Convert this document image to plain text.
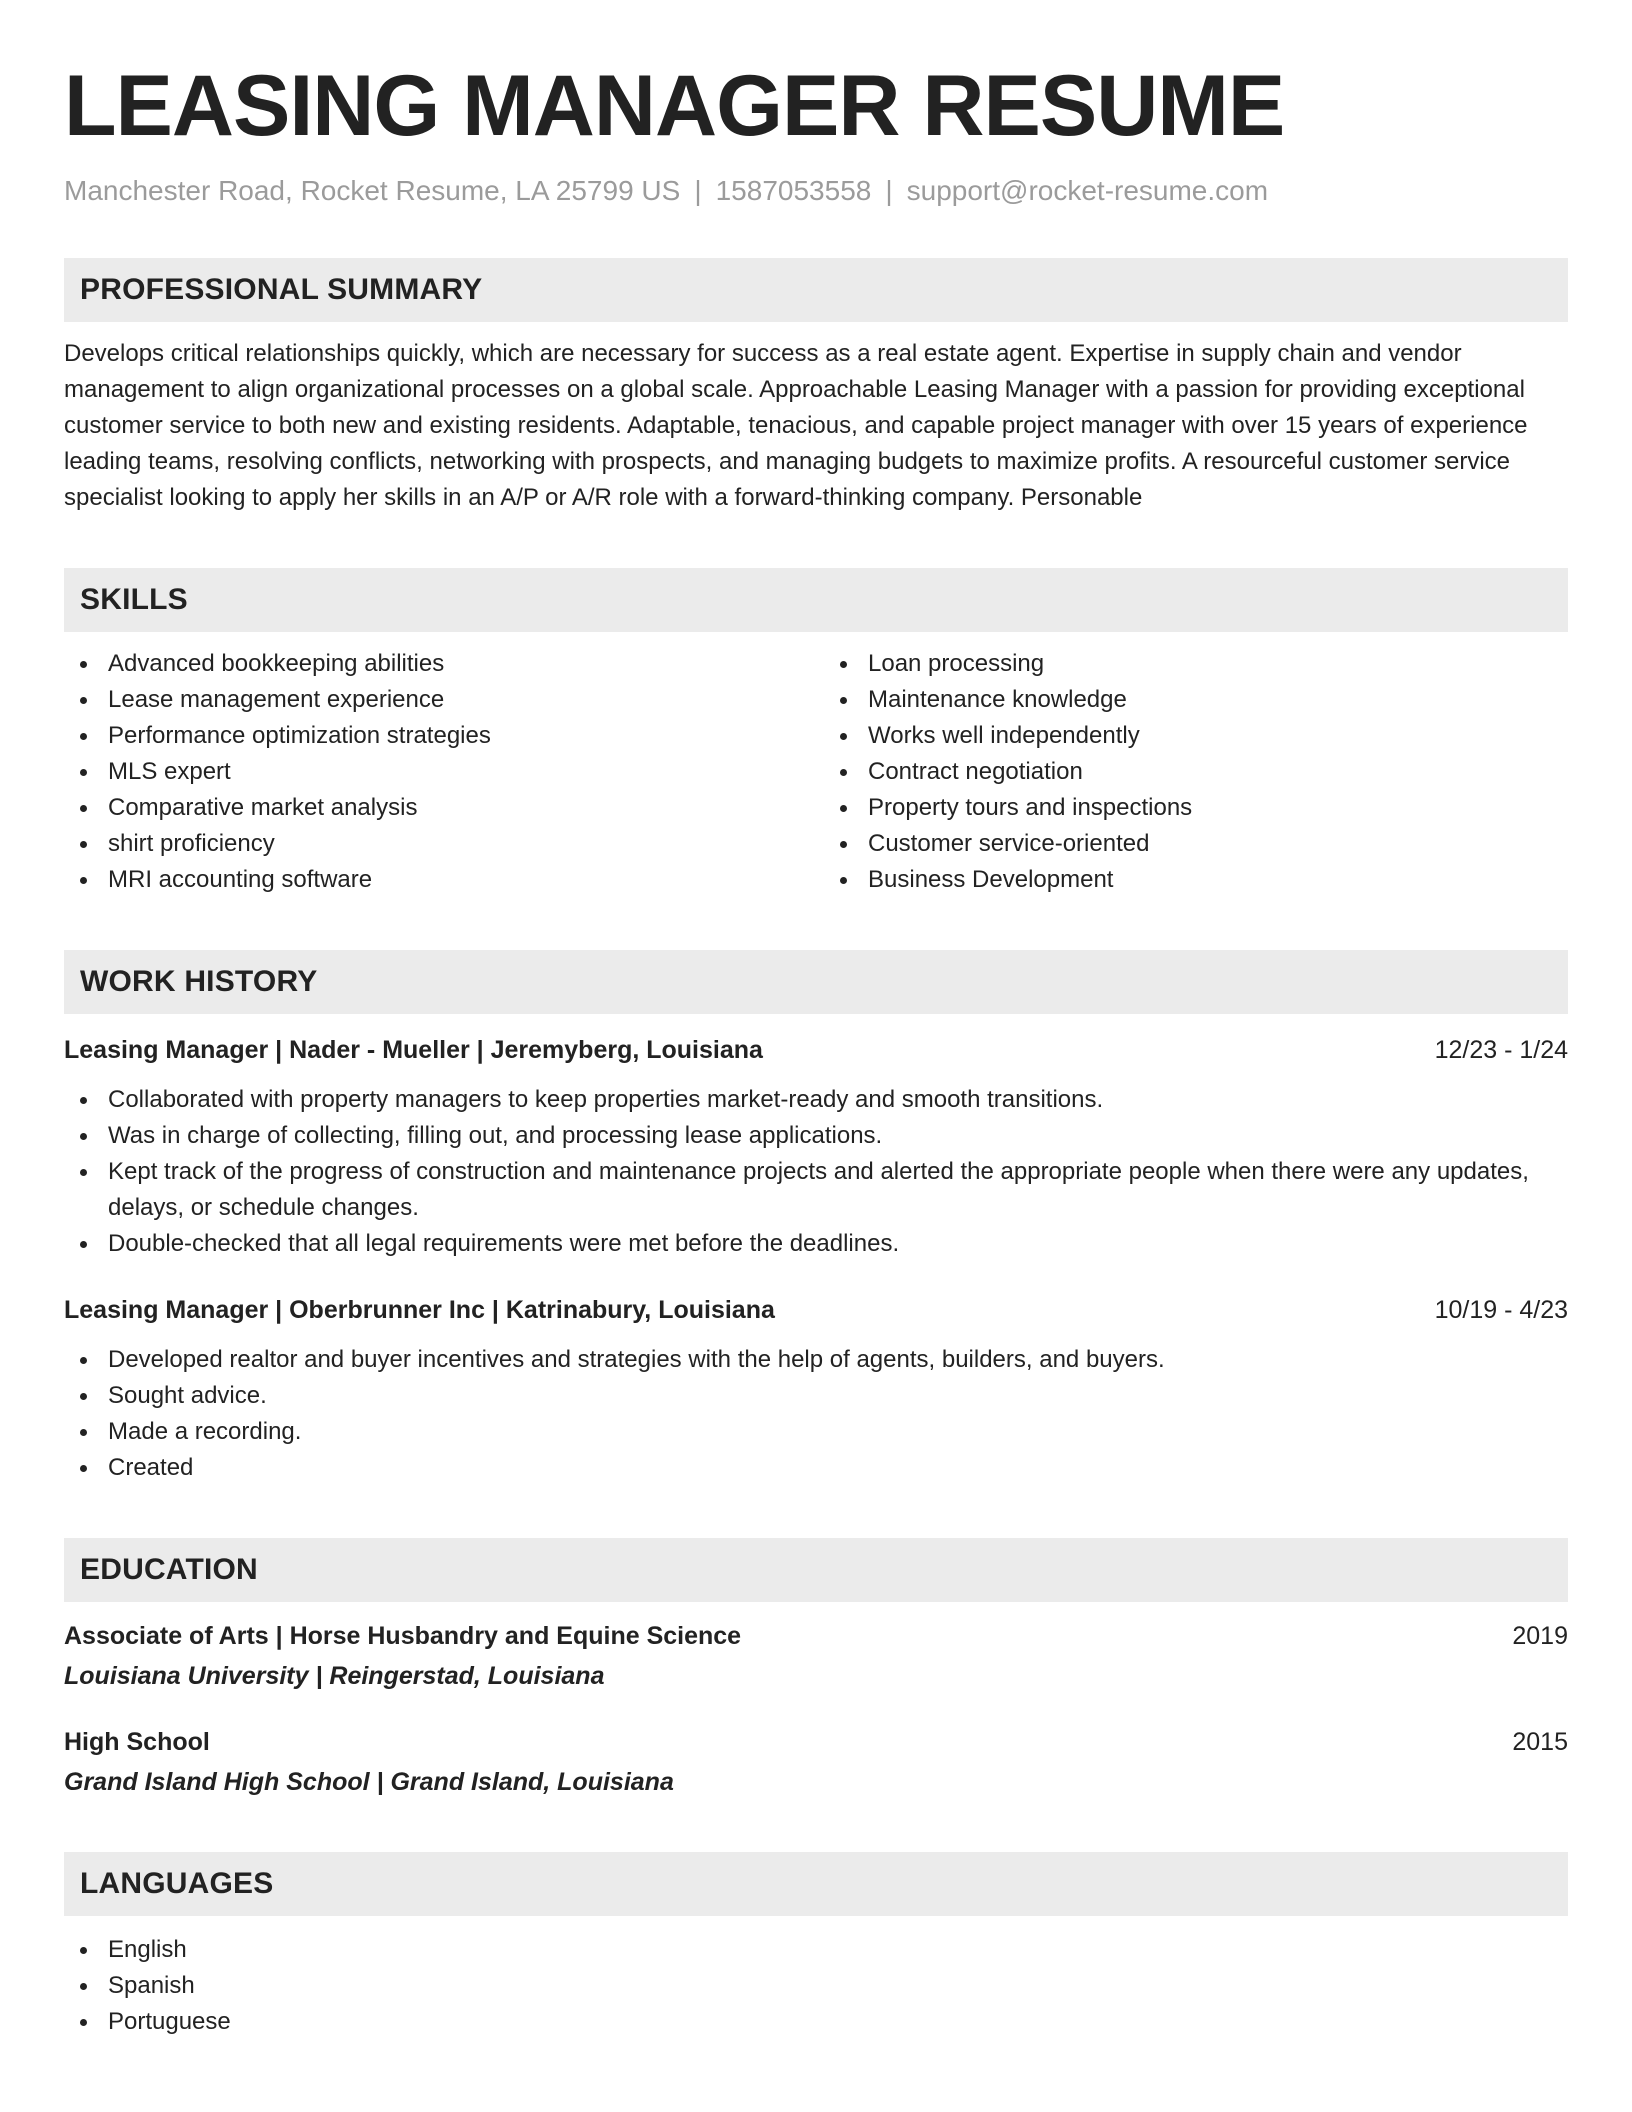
LEASING MANAGER RESUME
Manchester Road, Rocket Resume, LA 25799 US | 1587053558 | support@rocket-resume.com
PROFESSIONAL SUMMARY

Develops critical relationships quickly, which are necessary for success as a real estate agent. Expertise in supply chain and vendor management to align organizational processes on a global scale. Approachable Leasing Manager with a passion for providing exceptional customer service to both new and existing residents. Adaptable, tenacious, and capable project manager with over 15 years of experience leading teams, resolving conflicts, networking with prospects, and managing budgets to maximize profits. A resourceful customer service specialist looking to apply her skills in an A/P or A/R role with a forward-thinking company. Personable

SKILLS
Advanced bookkeeping abilities
Lease management experience
Performance optimization strategies
MLS expert
Comparative market analysis
shirt proficiency
MRI accounting software
Loan processing
Maintenance knowledge
Works well independently
Contract negotiation
Property tours and inspections
Customer service-oriented
Business Development
WORK HISTORY
Leasing Manager | Nader - Mueller | Jeremyberg, Louisiana	12/23 - 1/24
Collaborated with property managers to keep properties market-ready and smooth transitions.
Was in charge of collecting, filling out, and processing lease applications.
Kept track of the progress of construction and maintenance projects and alerted the appropriate people when there were any updates, delays, or schedule changes.
Double-checked that all legal requirements were met before the deadlines.
Leasing Manager | Oberbrunner Inc | Katrinabury, Louisiana	10/19 - 4/23
Developed realtor and buyer incentives and strategies with the help of agents, builders, and buyers.
Sought advice.
Made a recording.
Created
EDUCATION
Associate of Arts | Horse Husbandry and Equine Science	2019
Louisiana University | Reingerstad, Louisiana
High School	2015
Grand Island High School | Grand Island, Louisiana
LANGUAGES
English
Spanish
Portuguese
